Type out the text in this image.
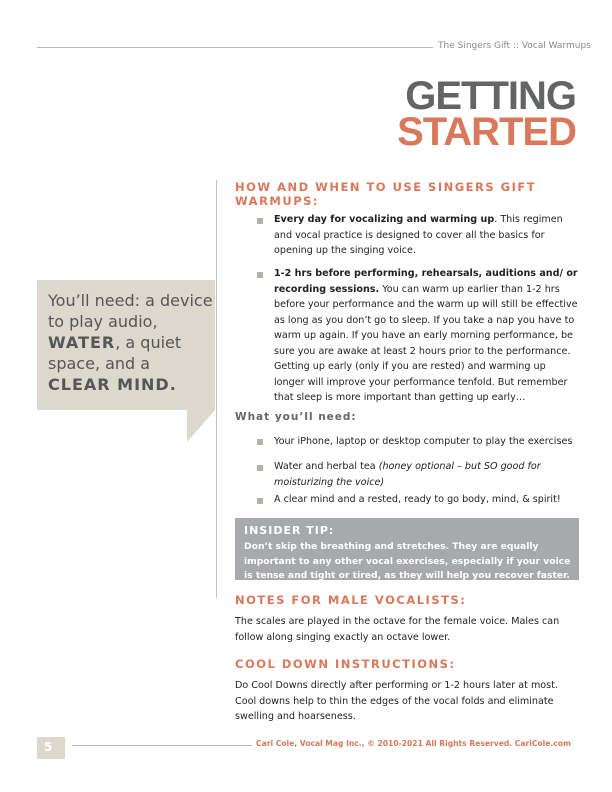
The Singers Gift :: Vocal Warmups
GETTING
STARTED
You’ll need: a device to play audio, WATER, a quiet space, and a CLEAR MIND.
HOW AND WHEN TO USE SINGERS GIFT
WARMUPS:
Every day for vocalizing and warming up. This regimen and vocal practice is designed to cover all the basics for opening up the singing voice.
1-2 hrs before performing, rehearsals, auditions and/ or recording sessions. You can warm up earlier than 1-2 hrs before your performance and the warm up will still be effective as long as you don’t go to sleep. If you take a nap you have to warm up again. If you have an early morning performance, be sure you are awake at least 2 hours prior to the performance. Getting up early (only if you are rested) and warming up longer will improve your performance tenfold. But remember that sleep is more important than getting up early…
What you’ll need:
Your iPhone, laptop or desktop computer to play the exercises
Water and herbal tea (honey optional – but SO good for moisturizing the voice)
A clear mind and a rested, ready to go body, mind, & spirit!
INSIDER TIP:
Don’t skip the breathing and stretches. They are equally important to any other vocal exercises, especially if your voice is tense and tight or tired, as they will help you recover faster.
NOTES FOR MALE VOCALISTS:
The scales are played in the octave for the female voice. Males can follow along singing exactly an octave lower.
COOL DOWN INSTRUCTIONS:
Do Cool Downs directly after performing or 1-2 hours later at most. Cool downs help to thin the edges of the vocal folds and eliminate swelling and hoarseness.
5	Cari Cole, Vocal Mag Inc., © 2010-2021 All Rights Reserved. CariCole.com
